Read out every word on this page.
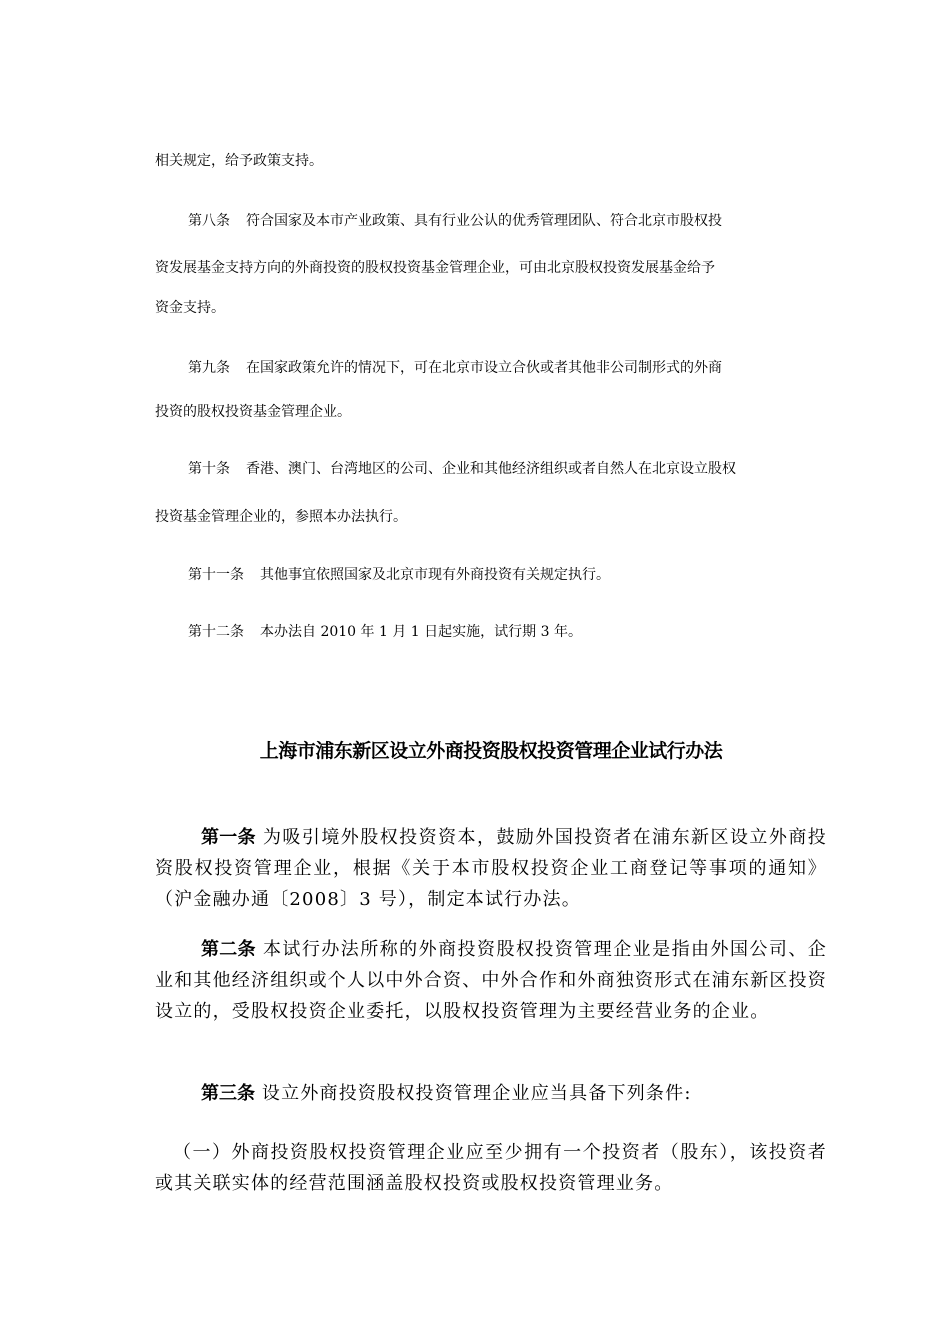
相关规定，给予政策支持。

第八条 符合国家及本市产业政策、具有行业公认的优秀管理团队、符合北京市股权投

资发展基金支持方向的外商投资的股权投资基金管理企业，可由北京股权投资发展基金给予

资金支持。

第九条 在国家政策允许的情况下，可在北京市设立合伙或者其他非公司制形式的外商

投资的股权投资基金管理企业。

第十条 香港、澳门、台湾地区的公司、企业和其他经济组织或者自然人在北京设立股权

投资基金管理企业的，参照本办法执行。

第十一条 其他事宜依照国家及北京市现有外商投资有关规定执行。

第十二条 本办法自 2010 年 1 月 1 日起实施，试行期 3 年。

上海市浦东新区设立外商投资股权投资管理企业试行办法

第一条 为吸引境外股权投资资本，鼓励外国投资者在浦东新区设立外商投资股权投资管理企业，根据《关于本市股权投资企业工商登记等事项的通知》（沪金融办通〔2008〕3 号），制定本试行办法。

第二条 本试行办法所称的外商投资股权投资管理企业是指由外国公司、企业和其他经济组织或个人以中外合资、中外合作和外商独资形式在浦东新区投资设立的，受股权投资企业委托，以股权投资管理为主要经营业务的企业。

第三条 设立外商投资股权投资管理企业应当具备下列条件:

（一）外商投资股权投资管理企业应至少拥有一个投资者（股东），该投资者或其关联实体的经营范围涵盖股权投资或股权投资管理业务。
